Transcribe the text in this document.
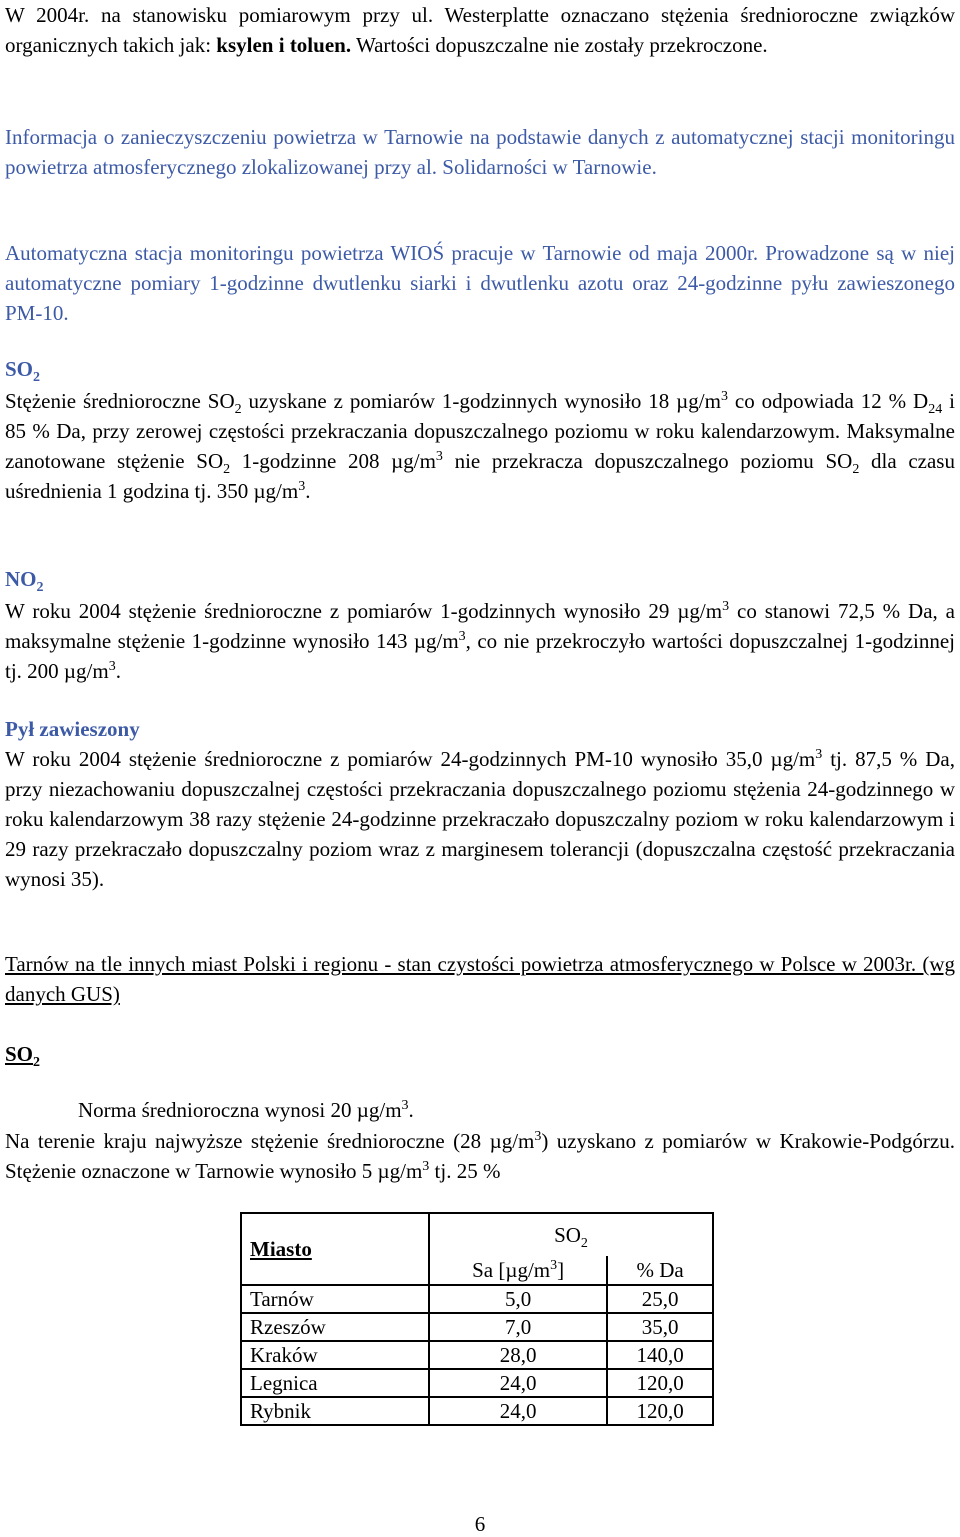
W 2004r. na stanowisku pomiarowym przy ul. Westerplatte oznaczano stężenia średnioroczne związków organicznych takich jak: ksylen i toluen. Wartości dopuszczalne nie zostały przekroczone.

Informacja o zanieczyszczeniu powietrza w Tarnowie na podstawie danych z automatycznej stacji monitoringu powietrza atmosferycznego zlokalizowanej przy al. Solidarności w Tarnowie.

Automatyczna stacja monitoringu powietrza WIOŚ pracuje w Tarnowie od maja 2000r. Prowadzone są w niej automatyczne pomiary 1-godzinne dwutlenku siarki i dwutlenku azotu oraz 24-godzinne pyłu zawieszonego PM-10.

$SO_2$

Stężenie średnioroczne $SO_2$ uzyskane z pomiarów 1-godzinnych wynosiło 18 $\mu g/m^3$ co odpowiada 12 % $D_{24}$ i 85 % Da, przy zerowej częstości przekraczania dopuszczalnego poziomu w roku kalendarzowym. Maksymalne zanotowane stężenie $SO_2$ 1-godzinne 208 $\mu g/m^3$ nie przekracza dopuszczalnego poziomu $SO_2$ dla czasu uśrednienia 1 godzina tj. 350 $\mu g/m^3$.

$NO_2$

W roku 2004 stężenie średnioroczne z pomiarów 1-godzinnych wynosiło 29 $\mu g/m^3$ co stanowi 72,5 % Da, a maksymalne stężenie 1-godzinne wynosiło 143 $\mu g/m^3$, co nie przekroczyło wartości dopuszczalnej 1-godzinnej tj. 200 $\mu g/m^3$.

Pył zawieszony

W roku 2004 stężenie średnioroczne z pomiarów 24-godzinnych PM-10 wynosiło 35,0 $\mu g/m^3$ tj. 87,5 % Da, przy niezachowaniu dopuszczalnej częstości przekraczania dopuszczalnego poziomu stężenia 24-godzinnego w roku kalendarzowym 38 razy stężenie 24-godzinne przekraczało dopuszczalny poziom w roku kalendarzowym i 29 razy przekraczało dopuszczalny poziom wraz z marginesem tolerancji (dopuszczalna częstość przekraczania wynosi 35).

Tarnów na tle innych miast Polski i regionu - stan czystości powietrza atmosferycznego w Polsce w 2003r. (wg danych GUS)

$SO_2$

Norma średnioroczna wynosi 20 $\mu g/m^3$.

Na terenie kraju najwyższe stężenie średnioroczne (28 $\mu g/m^3$) uzyskano z pomiarów w Krakowie-Podgórzu. Stężenie oznaczone w Tarnowie wynosiło 5 $\mu g/m^3$ tj. 25 %

Miasto	$SO_2$
	Sa $[\mu g/m^3]$	% Da
Tarnów	5,0	25,0
Rzeszów	7,0	35,0
Kraków	28,0	140,0
Legnica	24,0	120,0
Rybnik	24,0	120,0
6
